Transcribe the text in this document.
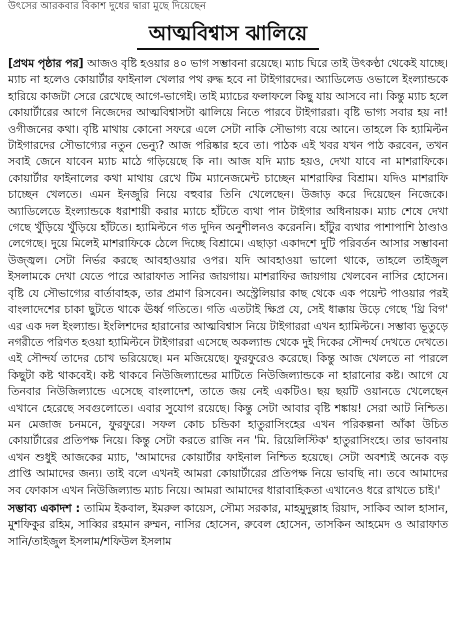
উৎসের আরকবার বিকাশ দুধের দ্বারা মুছে দিয়েছেন
আত্মবিশ্বাস ঝালিয়ে
[প্রথম পৃষ্ঠার পর] আজও বৃষ্টি হওয়ার ৪০ ভাগ সম্ভাবনা রয়েছে। ম্যাচ ঘিরে তাই উৎকণ্ঠা থেকেই যাচ্ছে। ম্যাচ না হলেও কোয়ার্টার ফাইনাল খেলার পথ রুদ্ধ হবে না টাইগারদের। অ্যাডিলেড ওভালে ইংল্যান্ডকে হারিয়ে কাজটা সেরে রেখেছে আগে-ভাগেই। তাই ম্যাচের ফলাফলে কিছু যায় আসবে না। কিন্তু ম্যাচ হলে কোয়ার্টারের আগে নিজেদের আত্মবিশ্বাসটা ঝালিয়ে নিতে পারবে টাইগাররা। বৃষ্টি ভাগ্য সবার হয় না! ওগীজনের কথা। বৃষ্টি মাথায় কোনো সফরে এলে সেটা নাকি সৌভাগ্য বয়ে আনে। তাহলে কি হ্যামিল্টন টাইগারদের সৌভাগ্যের নতুন ভেন্যু? আজ পরিষ্কার হবে তা। পাঠক এই খবর যখন পাঠ করবেন, তখন সবাই জেনে যাবেন ম্যাচ মাঠে গড়িয়েছে কি না। আজ যদি ম্যাচ হয়ও, দেখা যাবে না মাশরাফিকে। কোয়ার্টার ফাইনালের কথা মাথায় রেখে টিম ম্যানেজমেন্ট চাচ্ছেন মাশরাফির বিশ্রাম। যদিও মাশরাফি চাচ্ছেন খেলতে। এমন ইনজুরি নিয়ে বহুবার তিনি খেলেছেন। উজাড় করে দিয়েছেন নিজেকে। অ্যাডিলেডে ইংল্যান্ডকে ধরাশায়ী করার ম্যাচে হাঁটতে ব্যথা পান টাইগার অধিনায়ক। ম্যাচ শেষে দেখা গেছে খুঁড়িয়ে খুঁড়িয়ে হাঁটতে। হ্যামিল্টনে গত দুদিন অনুশীলনও করেননি। হাঁটুর ব্যথার পাশাপাশি ঠাণ্ডাও লেগেছে। দুয়ে মিলেই মাশরাফিকে ঠেলে দিচ্ছে বিশ্রামে। এছাড়া একাদশে দুটি পরিবর্তন আসার সম্ভাবনা উজ্জ্বল। সেটা নির্ভর করছে আবহাওয়ার ওপর। যদি আবহাওয়া ভালো থাকে, তাহলে তাইজুল ইসলামকে দেখা যেতে পারে আরাফাত সানির জায়গায়। মাশরাফির জায়গায় খেলবেন নাসির হোসেন। বৃষ্টি যে সৌভাগ্যের বার্তাবাহক, তার প্রমাণ রিসবেন। অস্ট্রেলিয়ার কাছ থেকে এক পয়েন্ট পাওয়ার পরই বাংলাদেশের চাকা ছুটতে থাকে ঊর্ধ্ব গতিতে। গতি এতটাই ক্ষিপ্র যে, সেই ধাক্কায় উড়ে গেছে 'থ্রি বিগ' এর এক দল ইংল্যান্ড। ইংলিশদের হারানোর আত্মবিশ্বাস নিয়ে টাইগাররা এখন হ্যামিল্টনে। সম্ভাব্য ভূতুড়ে নগরীতে পরিণত হওয়া হ্যামিল্টনে টাইগাররা এসেছে অকল্যান্ড থেকে দুই দিকের সৌন্দর্য দেখতে দেখতে। এই সৌন্দর্য তাদের চোখ ভরিয়েছে। মন মজিয়েছে। ফুরফুরেও করেছে। কিন্তু আজ খেলতে না পারলে কিছুটা কষ্ট থাকবেই। কষ্ট থাকবে নিউজিল্যান্ডের মাটিতে নিউজিল্যান্ডকে না হারানোর কষ্ট। আগে যে তিনবার নিউজিল্যান্ডে এসেছে বাংলাদেশ, তাতে জয় নেই একটিও। ছয় ছয়টি ওয়ানডে খেলেছেন এখানে হেরেছে সবগুলোতে। এবার সুযোগ রয়েছে। কিন্তু সেটা আবার বৃষ্টি শঙ্কায়! সেরা আট নিশ্চিত। মন মেজাজ চনমনে, ফুরফুরে। সফল কোচ চন্ডিকা হাতুরাসিংহের এখন পরিকল্পনা আঁকা উচিত কোয়ার্টারের প্রতিপক্ষ নিয়ে। কিন্তু সেটা করতে রাজি নন 'মি. রিয়েলিস্টিক' হাতুরাসিংহে। তার ভাবনায় এখন শুধুই আজকের ম্যাচ, 'আমাদের কোয়ার্টার ফাইনাল নিশ্চিত হয়েছে। সেটা অবশ্যই অনেক বড় প্রাপ্তি আমাদের জন্য। তাই বলে এখনই আমরা কোয়ার্টারের প্রতিপক্ষ নিয়ে ভাবছি না। তবে আমাদের সব ফোকাস এখন নিউজিল্যান্ড ম্যাচ নিয়ে। আমরা আমাদের ধারাবাহিকতা এখানেও ধরে রাখতে চাই।'
সম্ভাব্য একাদশ : তামিম ইকবাল, ইমরুল কায়েস, সৌম্য সরকার, মাহমুদুল্লাহ রিয়াদ, সাকিব আল হাসান, মুশফিকুর রহিম, সাব্বির রহমান রুম্মন, নাসির হোসেন, রুবেল হোসেন, তাসকিন আহমেদ ও আরাফাত সানি/তাইজুল ইসলাম/শফিউল ইসলাম
